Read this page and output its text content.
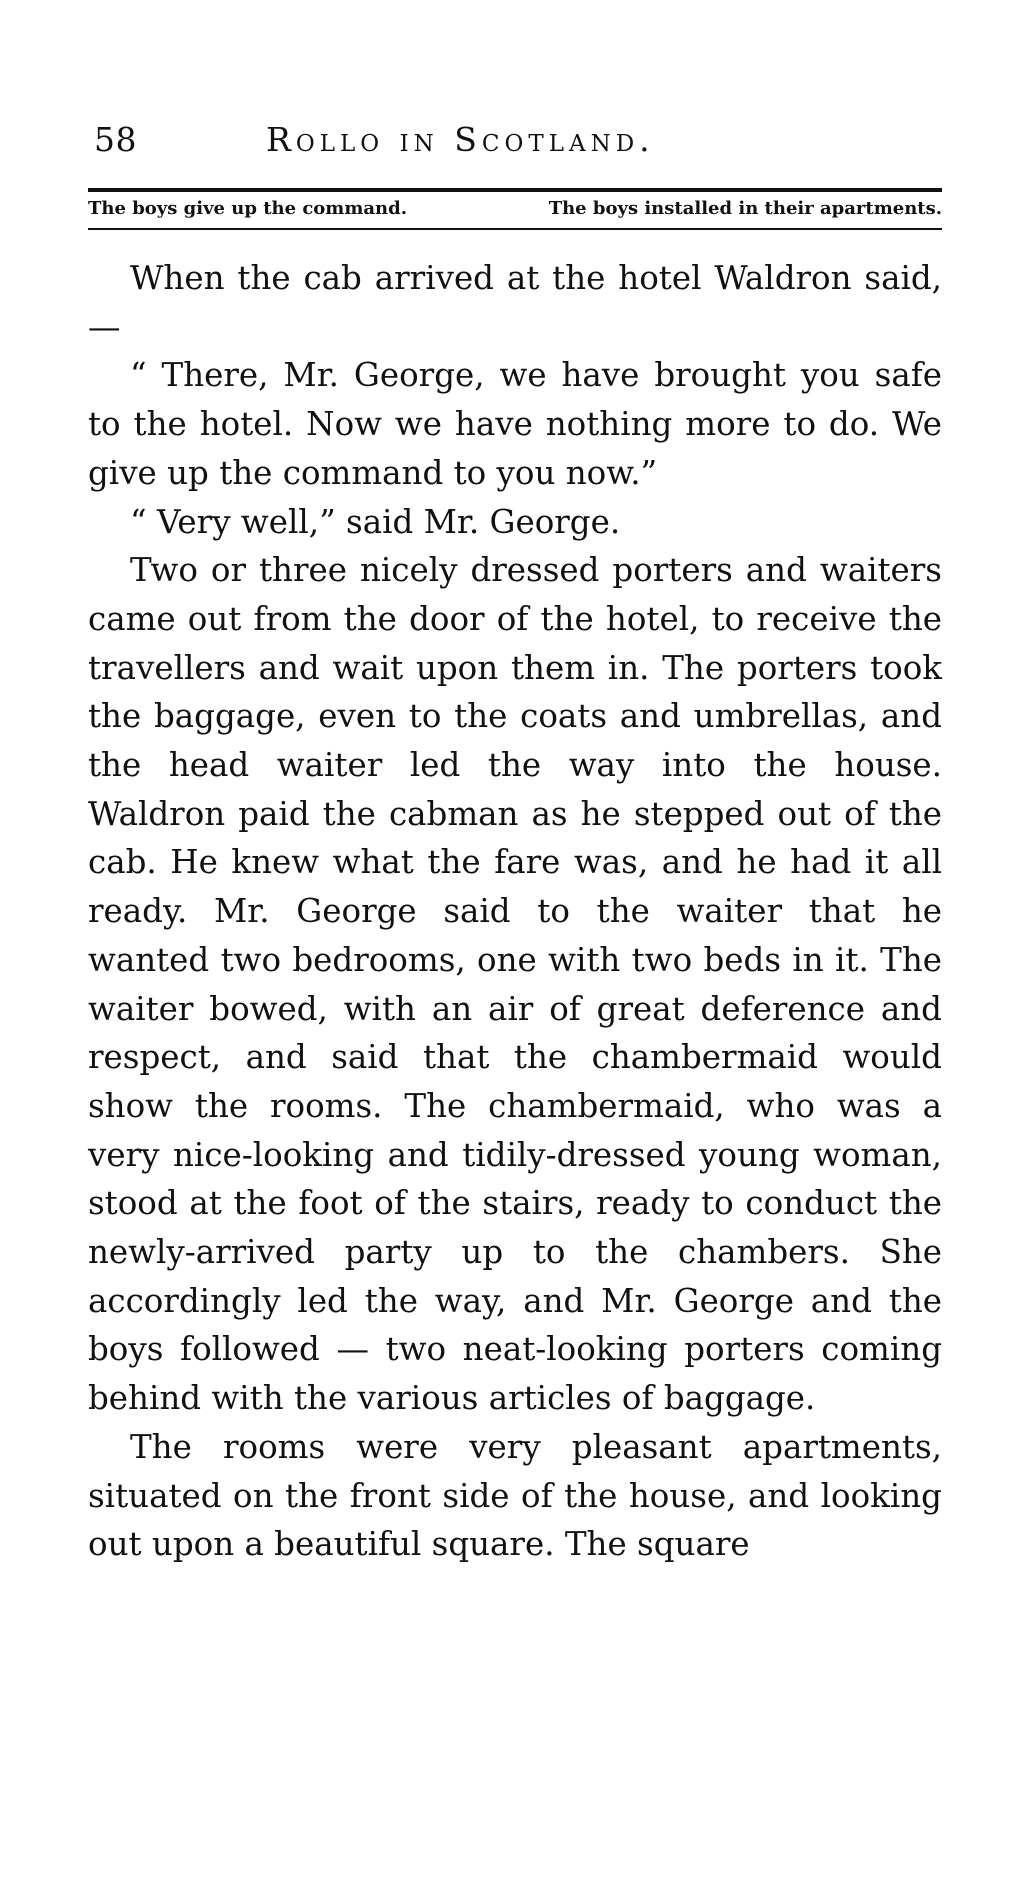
58	Rollo in Scotland.
The boys give up the command.	The boys installed in their apartments.

When the cab arrived at the hotel Waldron said, —

“ There, Mr. George, we have brought you safe to the hotel. Now we have nothing more to do. We give up the command to you now.”

“ Very well,” said Mr. George.

Two or three nicely dressed porters and waiters came out from the door of the hotel, to receive the travellers and wait upon them in. The porters took the baggage, even to the coats and umbrellas, and the head waiter led the way into the house. Waldron paid the cabman as he stepped out of the cab. He knew what the fare was, and he had it all ready. Mr. George said to the waiter that he wanted two bedrooms, one with two beds in it. The waiter bowed, with an air of great deference and respect, and said that the chambermaid would show the rooms. The chambermaid, who was a very nice-looking and tidily-dressed young woman, stood at the foot of the stairs, ready to conduct the newly-arrived party up to the chambers. She accordingly led the way, and Mr. George and the boys followed — two neat-looking porters coming behind with the various articles of baggage.

The rooms were very pleasant apartments, situated on the front side of the house, and looking out upon a beautiful square. The square
